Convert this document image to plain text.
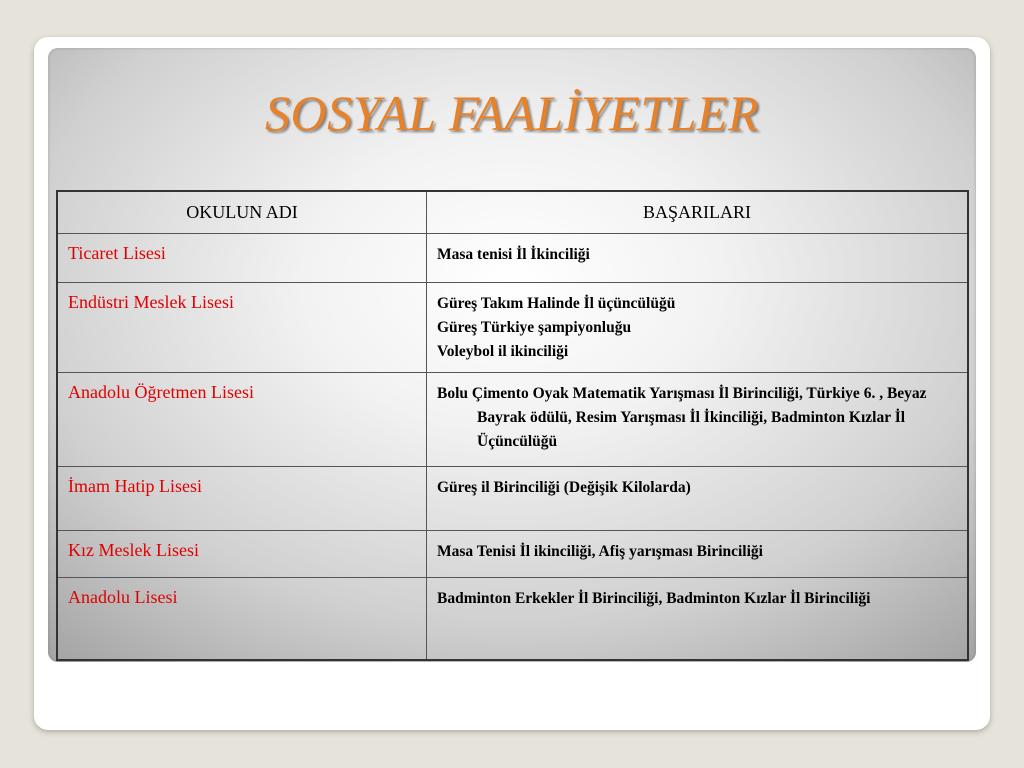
SOSYAL FAALİYETLER
OKULUN ADI	BAŞARILARI
Ticaret Lisesi	Masa tenisi İl İkinciliği

Endüstri Meslek Lisesi	Güreş Takım Halinde İl üçüncülüğü
Güreş Türkiye şampiyonluğu
Voleybol il ikinciliği

Anadolu Öğretmen Lisesi	Bolu Çimento Oyak Matematik Yarışması İl Birinciliği, Türkiye 6. , Beyaz Bayrak ödülü, Resim Yarışması İl İkinciliği, Badminton Kızlar İl Üçüncülüğü

İmam Hatip Lisesi	Güreş il Birinciliği (Değişik Kilolarda)

Kız Meslek Lisesi	Masa Tenisi İl ikinciliği, Afiş yarışması Birinciliği

Anadolu Lisesi	Badminton Erkekler İl Birinciliği, Badminton Kızlar İl Birinciliği
